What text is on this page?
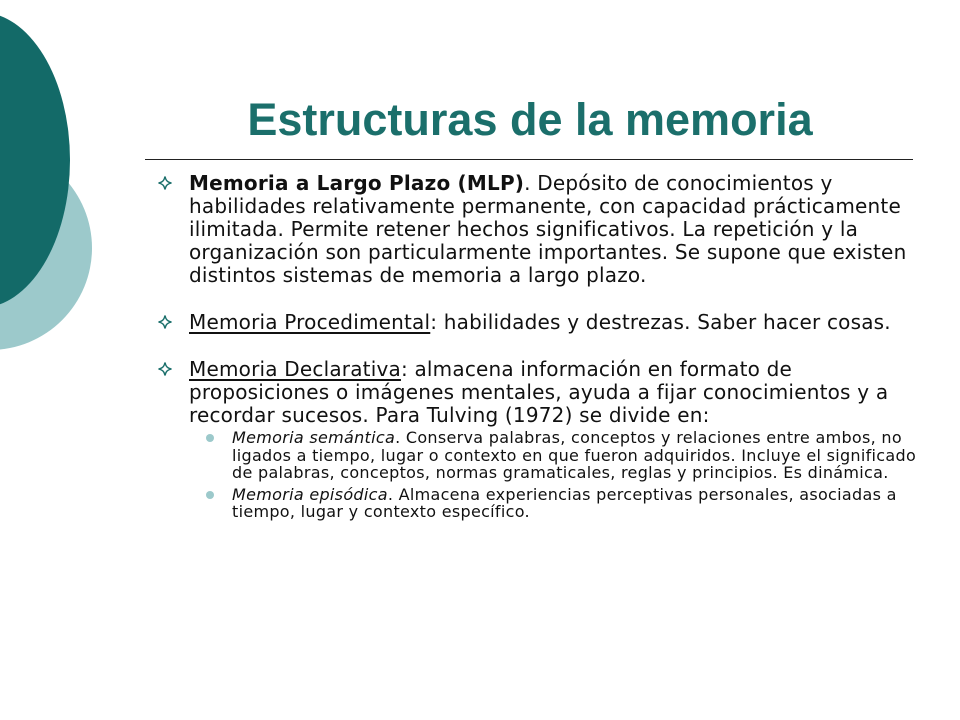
Estructuras de la memoria
Memoria a Largo Plazo (MLP). Depósito de conocimientos y habilidades relativamente permanente, con capacidad prácticamente ilimitada. Permite retener hechos significativos. La repetición y la organización son particularmente importantes. Se supone que existen distintos sistemas de memoria a largo plazo.
Memoria Procedimental: habilidades y destrezas. Saber hacer cosas.
Memoria Declarativa: almacena información en formato de proposiciones o imágenes mentales, ayuda a fijar conocimientos y a recordar sucesos. Para Tulving (1972) se divide en:
Memoria semántica. Conserva palabras, conceptos y relaciones entre ambos, no ligados a tiempo, lugar o contexto en que fueron adquiridos. Incluye el significado de palabras, conceptos, normas gramaticales, reglas y principios. Es dinámica.
Memoria episódica. Almacena experiencias perceptivas personales, asociadas a tiempo, lugar y contexto específico.
